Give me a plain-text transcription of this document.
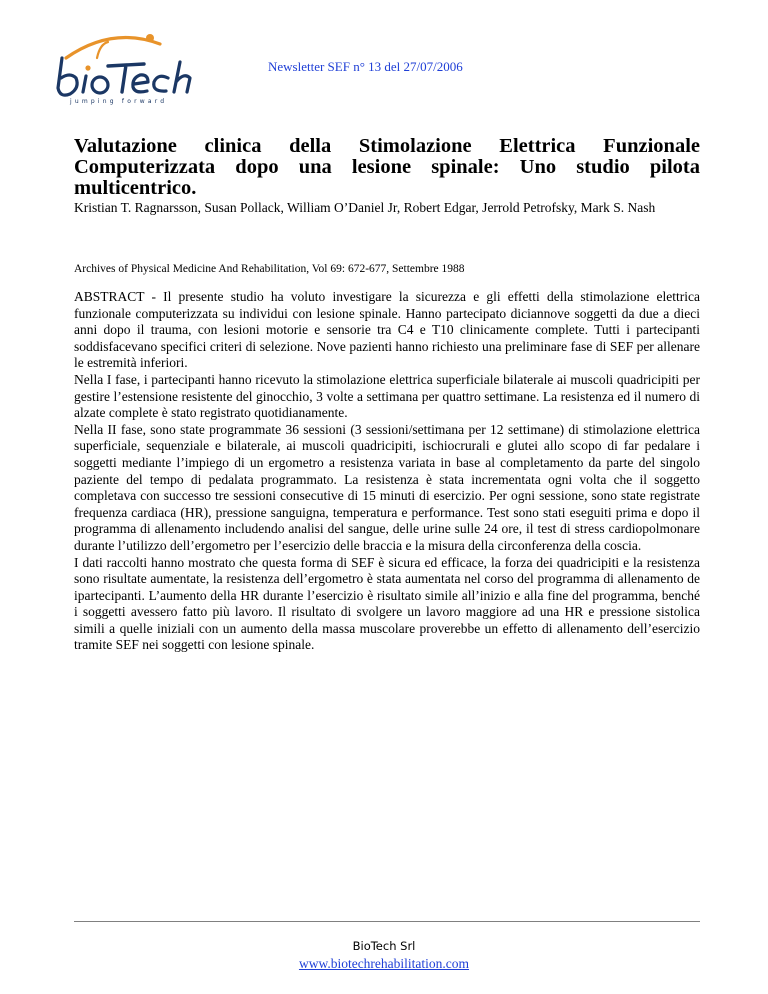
jumping forward
Newsletter SEF n° 13 del 27/07/2006
Valutazione clinica della Stimolazione Elettrica Funzionale Computerizzata dopo una lesione spinale: Uno studio pilota multicentrico.
Kristian T. Ragnarsson, Susan Pollack, William O’Daniel Jr, Robert Edgar, Jerrold Petrofsky, Mark S. Nash
Archives of Physical Medicine And Rehabilitation, Vol 69: 672-677, Settembre 1988

ABSTRACT - Il presente studio ha voluto investigare la sicurezza e gli effetti della stimolazione elettrica funzionale computerizzata su individui con lesione spinale. Hanno partecipato diciannove soggetti da due a dieci anni dopo il trauma, con lesioni motorie e sensorie tra C4 e T10 clinicamente complete. Tutti i partecipanti soddisfacevano specifici criteri di selezione. Nove pazienti hanno richiesto una preliminare fase di SEF per allenare le estremità inferiori.

Nella I fase, i partecipanti hanno ricevuto la stimolazione elettrica superficiale bilaterale ai muscoli quadricipiti per gestire l’estensione resistente del ginocchio, 3 volte a settimana per quattro settimane. La resistenza ed il numero di alzate complete è stato registrato quotidianamente.

Nella II fase, sono state programmate 36 sessioni (3 sessioni/settimana per 12 settimane) di stimolazione elettrica superficiale, sequenziale e bilaterale, ai muscoli quadricipiti, ischiocrurali e glutei allo scopo di far pedalare i soggetti mediante l’impiego di un ergometro a resistenza variata in base al completamento da parte del singolo paziente del tempo di pedalata programmato. La resistenza è stata incrementata ogni volta che il soggetto completava con successo tre sessioni consecutive di 15 minuti di esercizio. Per ogni sessione, sono state registrate frequenza cardiaca (HR), pressione sanguigna, temperatura e performance. Test sono stati eseguiti prima e dopo il programma di allenamento includendo analisi del sangue, delle urine sulle 24 ore, il test di stress cardiopolmonare durante l’utilizzo dell’ergometro per l’esercizio delle braccia e la misura della circonferenza della coscia.

I dati raccolti hanno mostrato che questa forma di SEF è sicura ed efficace, la forza dei quadricipiti e la resistenza sono risultate aumentate, la resistenza dell’ergometro è stata aumentata nel corso del programma di allenamento de ipartecipanti. L’aumento della HR durante l’esercizio è risultato simile all’inizio e alla fine del programma, benché i soggetti avessero fatto più lavoro. Il risultato di svolgere un lavoro maggiore ad una HR e pressione sistolica simili a quelle iniziali con un aumento della massa muscolare proverebbe un effetto di allenamento dell’esercizio tramite SEF nei soggetti con lesione spinale.

BioTech Srl
www.biotechrehabilitation.com
